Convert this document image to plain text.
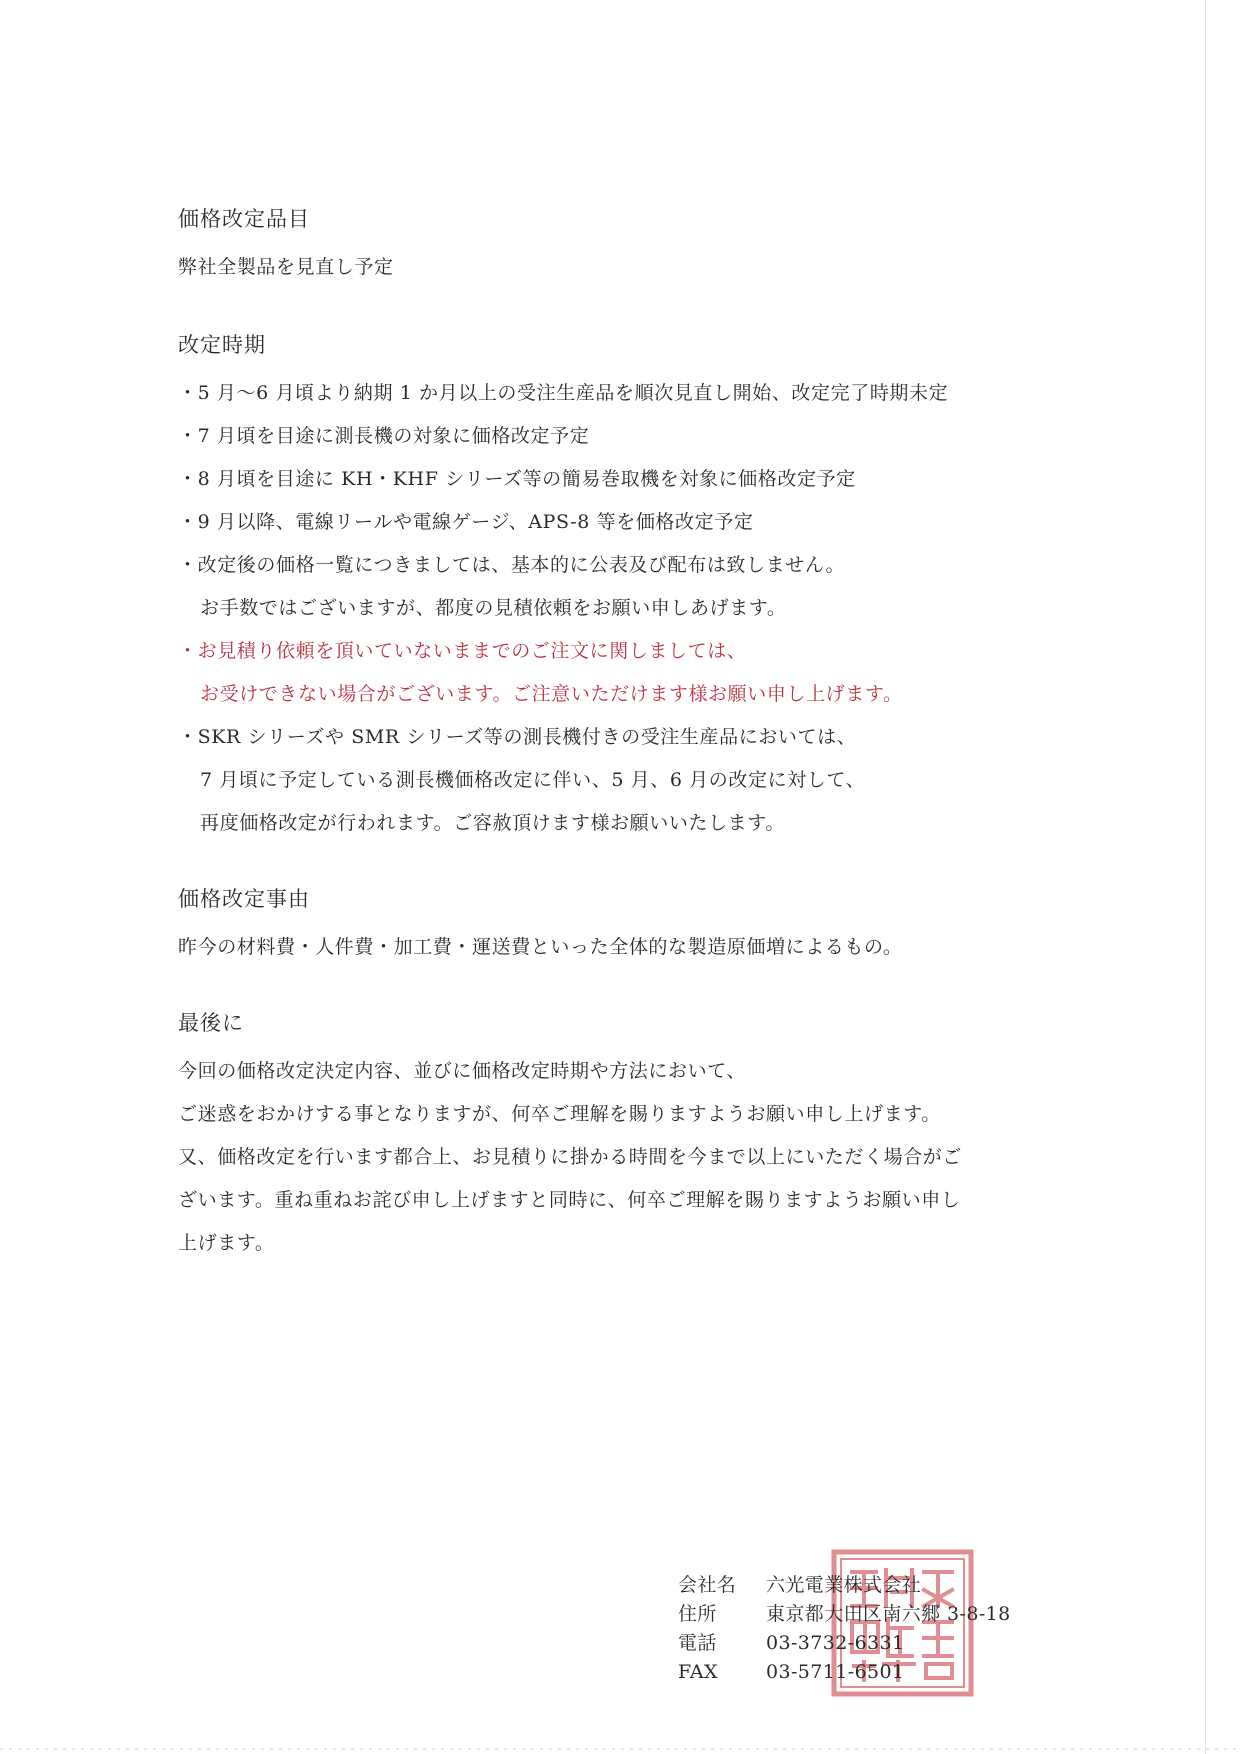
価格改定品目
弊社全製品を見直し予定
改定時期
・5 月〜6 月頃より納期 1 か月以上の受注生産品を順次見直し開始、改定完了時期未定
・7 月頃を目途に測長機の対象に価格改定予定
・8 月頃を目途に KH・KHF シリーズ等の簡易巻取機を対象に価格改定予定
・9 月以降、電線リールや電線ゲージ、APS-8 等を価格改定予定
・改定後の価格一覧につきましては、基本的に公表及び配布は致しません。
お手数ではございますが、都度の見積依頼をお願い申しあげます。
・お見積り依頼を頂いていないままでのご注文に関しましては、
お受けできない場合がございます。ご注意いただけます様お願い申し上げます。
・SKR シリーズや SMR シリーズ等の測長機付きの受注生産品においては、
7 月頃に予定している測長機価格改定に伴い、5 月、6 月の改定に対して、
再度価格改定が行われます。ご容赦頂けます様お願いいたします。
価格改定事由
昨今の材料費・人件費・加工費・運送費といった全体的な製造原価増によるもの。
最後に
今回の価格改定決定内容、並びに価格改定時期や方法において、
ご迷惑をおかけする事となりますが、何卒ご理解を賜りますようお願い申し上げます。
又、価格改定を行います都合上、お見積りに掛かる時間を今まで以上にいただく場合がご
ざいます。重ね重ねお詫び申し上げますと同時に、何卒ご理解を賜りますようお願い申し
上げます。
会社名	六光電業株式会社
住所	東京都大田区南六郷 3-8-18
電話	03-3732-6331
FAX	03-5711-6501
